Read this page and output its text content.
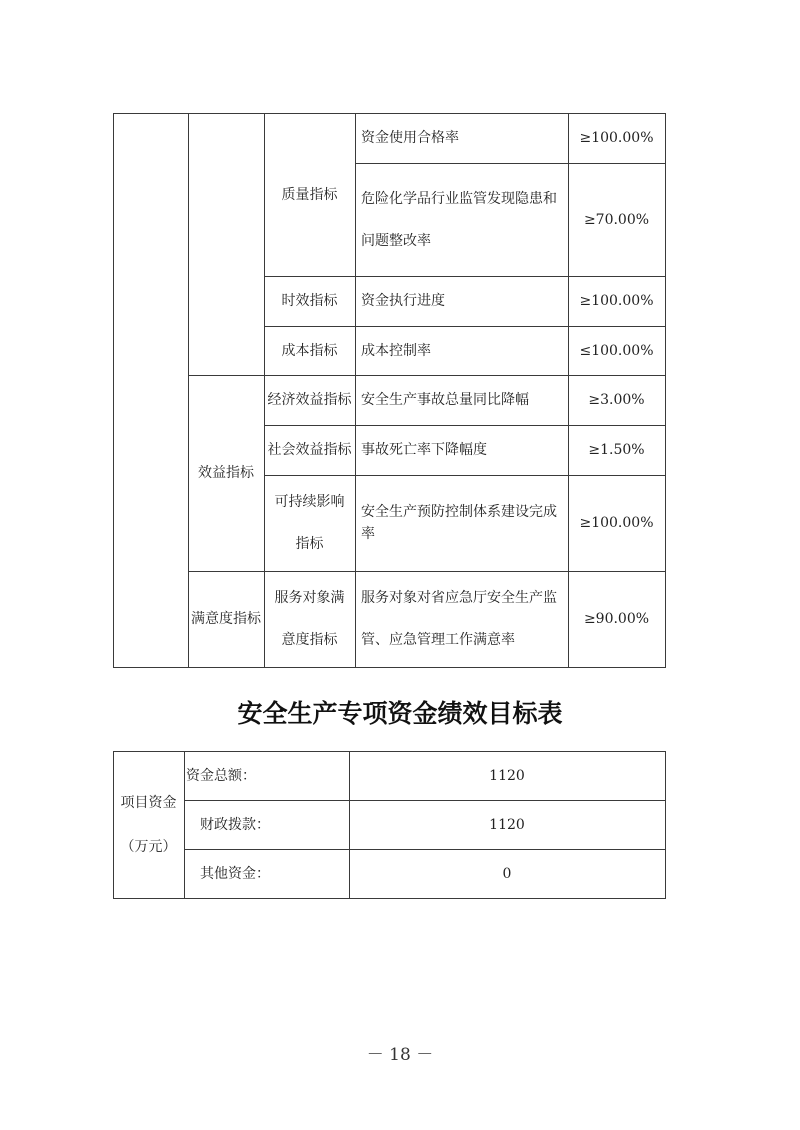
效益指标
满意度指标
质量指标
时效指标
成本指标
经济效益指标
社会效益指标
可持续影响指标
服务对象满意度指标
资金使用合格率
危险化学品行业监管发现隐患和问题整改率
资金执行进度
成本控制率
安全生产事故总量同比降幅
事故死亡率下降幅度
安全生产预防控制体系建设完成率
服务对象对省应急厅安全生产监管、应急管理工作满意率
≥100.00%
≥70.00%
≥100.00%
≤100.00%
≥3.00%
≥1.50%
≥100.00%
≥90.00%
安全生产专项资金绩效目标表
项目资金
（万元）
资金总额：
财政拨款：
其他资金：
1120
1120
0
－ 18 －
